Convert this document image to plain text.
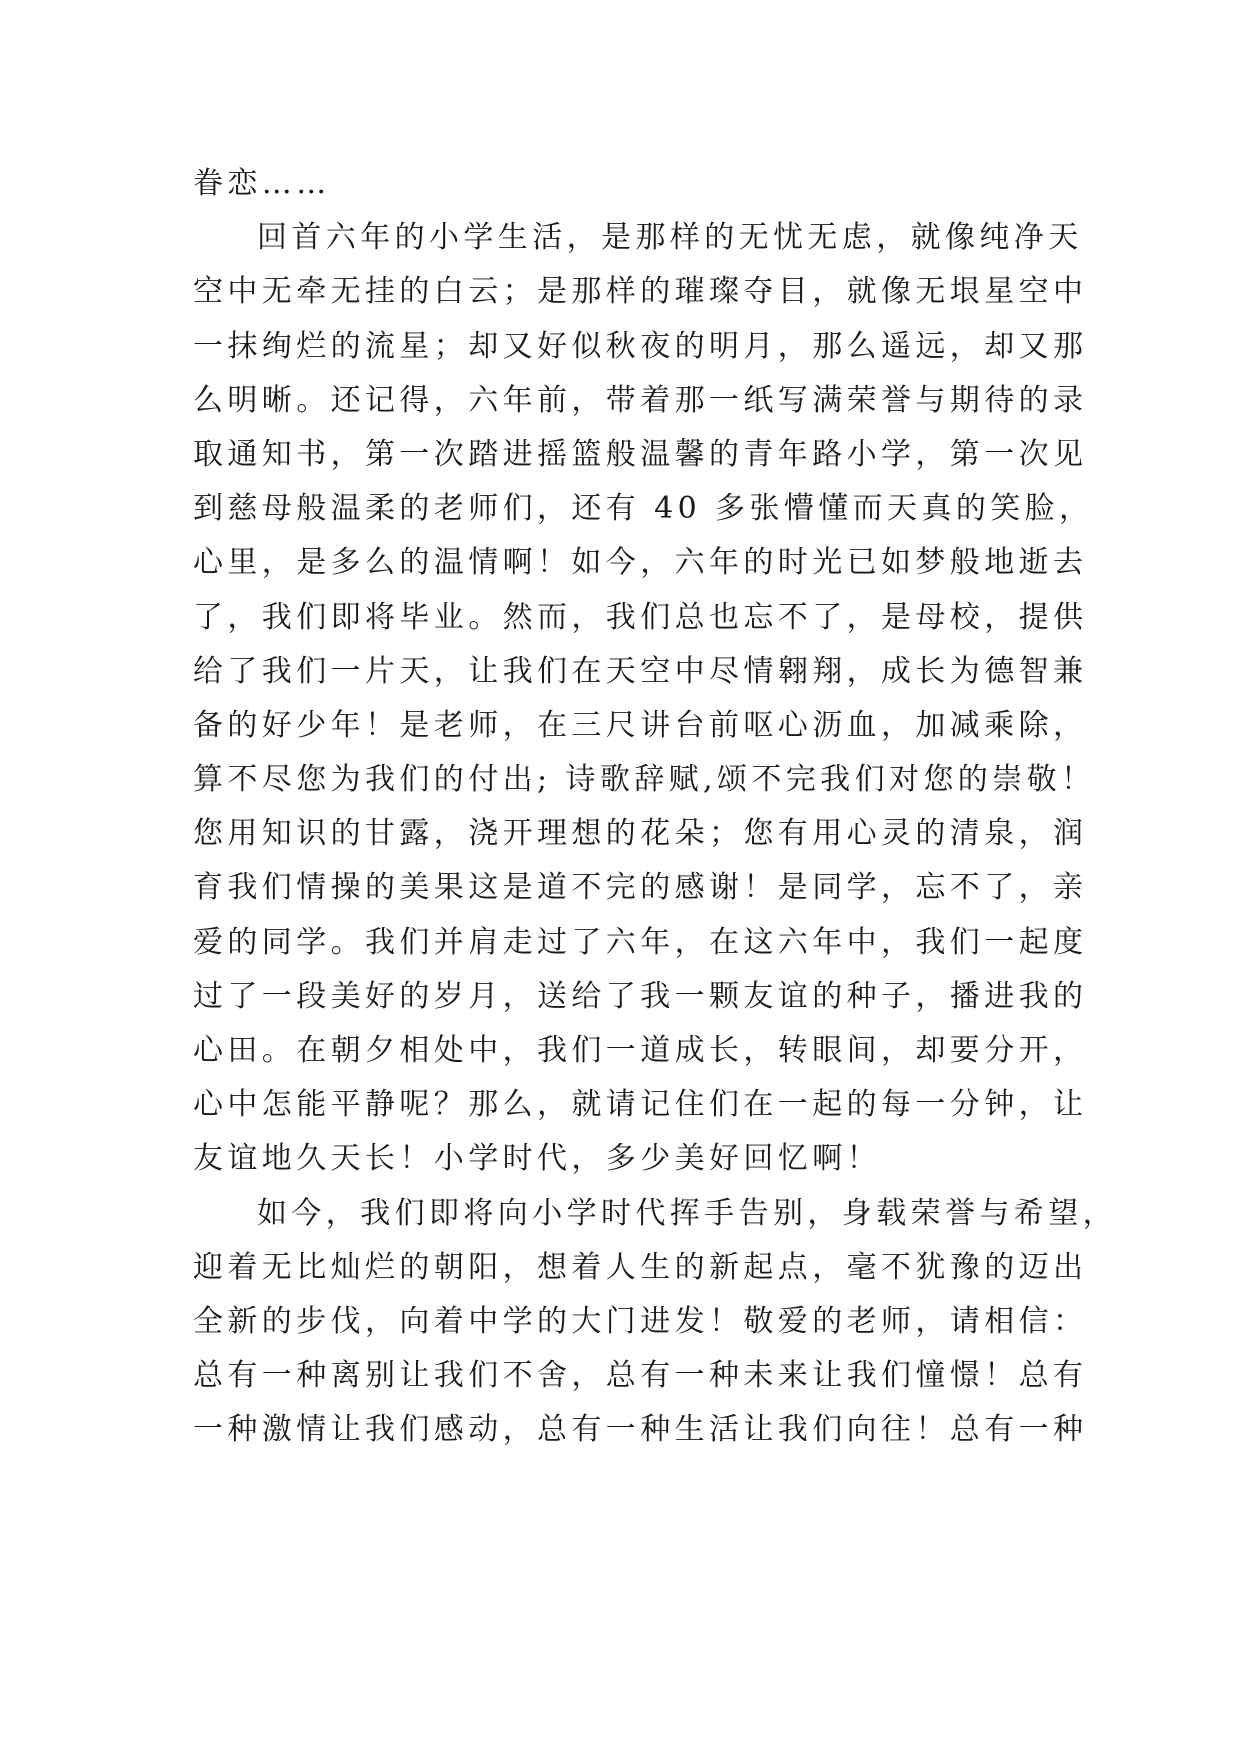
眷恋……
回首六年的小学生活，是那样的无忧无虑，就像纯净天
空中无牵无挂的白云；是那样的璀璨夺目，就像无垠星空中
一抹绚烂的流星；却又好似秋夜的明月，那么遥远，却又那
么明晰。还记得，六年前，带着那一纸写满荣誉与期待的录
取通知书，第一次踏进摇篮般温馨的青年路小学，第一次见
到慈母般温柔的老师们，还有 40 多张懵懂而天真的笑脸，
心里，是多么的温情啊！如今，六年的时光已如梦般地逝去
了，我们即将毕业。然而，我们总也忘不了，是母校，提供
给了我们一片天，让我们在天空中尽情翱翔，成长为德智兼
备的好少年！是老师，在三尺讲台前呕心沥血，加减乘除，
算不尽您为我们的付出; 诗歌辞赋,颂不完我们对您的崇敬！
您用知识的甘露，浇开理想的花朵；您有用心灵的清泉，润
育我们情操的美果这是道不完的感谢！是同学，忘不了，亲
爱的同学。我们并肩走过了六年，在这六年中，我们一起度
过了一段美好的岁月，送给了我一颗友谊的种子，播进我的
心田。在朝夕相处中，我们一道成长，转眼间，却要分开，
心中怎能平静呢？那么，就请记住们在一起的每一分钟，让
友谊地久天长！小学时代，多少美好回忆啊！
如今，我们即将向小学时代挥手告别，身载荣誉与希望，
迎着无比灿烂的朝阳，想着人生的新起点，毫不犹豫的迈出
全新的步伐，向着中学的大门进发！敬爱的老师，请相信：
总有一种离别让我们不舍，总有一种未来让我们憧憬！总有
一种激情让我们感动，总有一种生活让我们向往！总有一种
